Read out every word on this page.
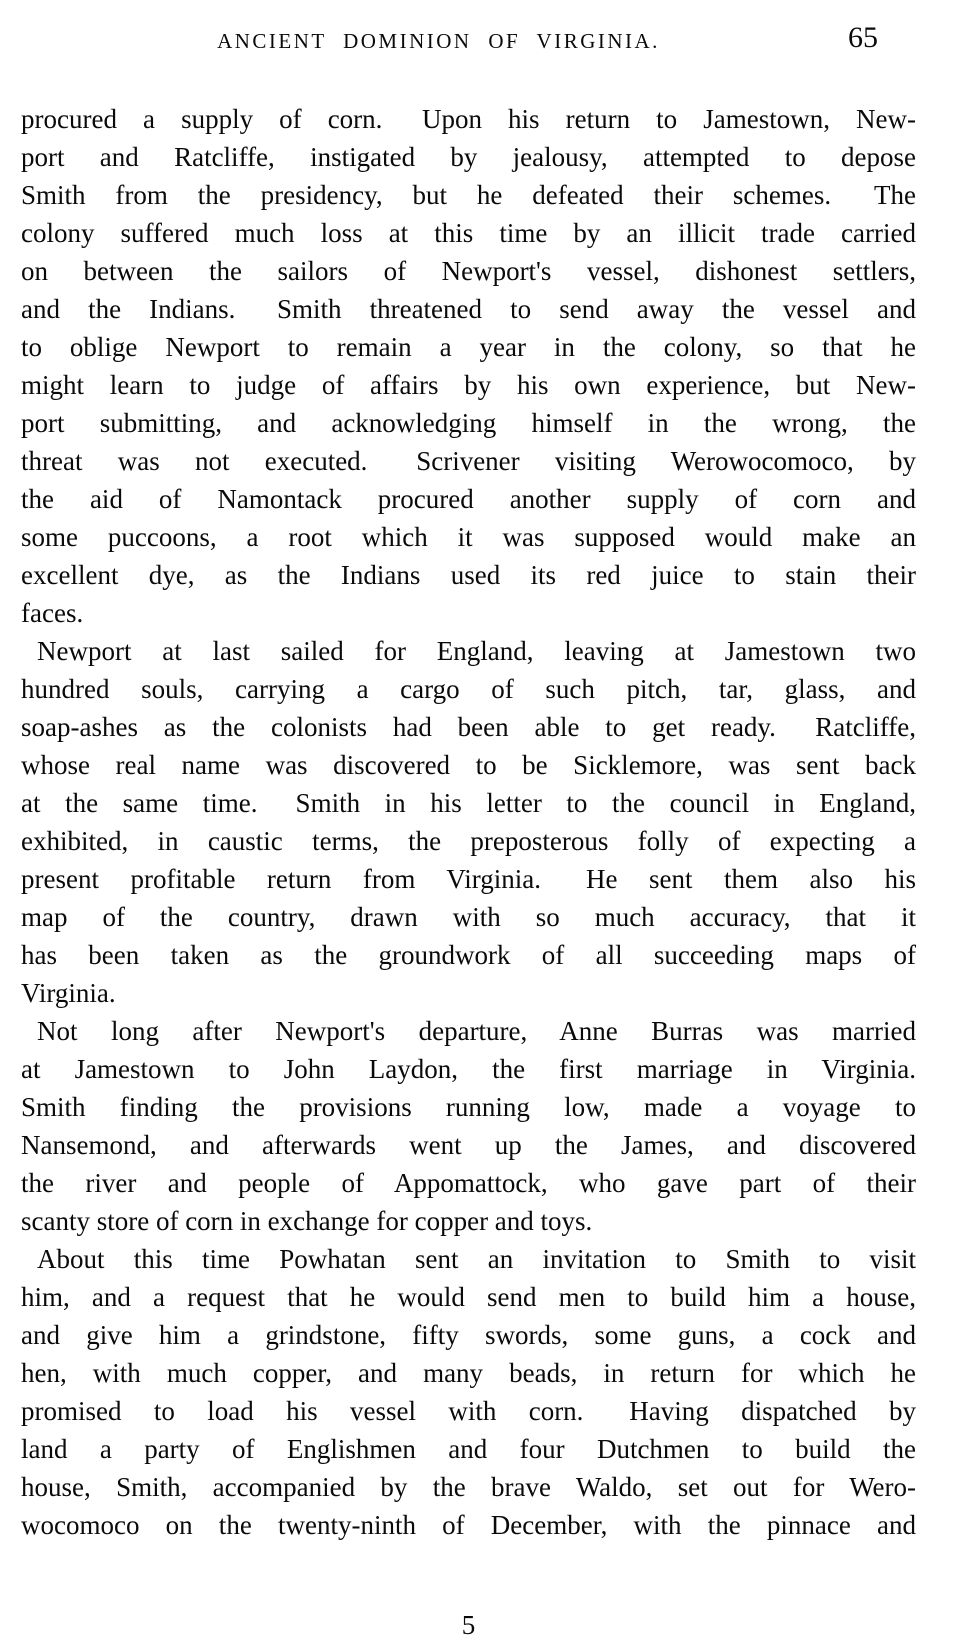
ANCIENT DOMINION OF VIRGINIA.	65
procured a supply of corn.  Upon his return to Jamestown, New-
port and Ratcliffe, instigated by jealousy, attempted to depose
Smith from the presidency, but he defeated their schemes.  The
colony suffered much loss at this time by an illicit trade carried
on between the sailors of Newport's vessel, dishonest settlers,
and the Indians.  Smith threatened to send away the vessel and
to oblige Newport to remain a year in the colony, so that he
might learn to judge of affairs by his own experience, but New-
port submitting, and acknowledging himself in the wrong, the
threat was not executed.  Scrivener visiting Werowocomoco, by
the aid of Namontack procured another supply of corn and
some puccoons, a root which it was supposed would make an
excellent dye, as the Indians used its red juice to stain their
faces.
Newport at last sailed for England, leaving at Jamestown two
hundred souls, carrying a cargo of such pitch, tar, glass, and
soap-ashes as the colonists had been able to get ready.  Ratcliffe,
whose real name was discovered to be Sicklemore, was sent back
at the same time.  Smith in his letter to the council in England,
exhibited, in caustic terms, the preposterous folly of expecting a
present profitable return from Virginia.  He sent them also his
map of the country, drawn with so much accuracy, that it
has been taken as the groundwork of all succeeding maps of
Virginia.
Not long after Newport's departure, Anne Burras was married
at Jamestown to John Laydon, the first marriage in Virginia.
Smith finding the provisions running low, made a voyage to
Nansemond, and afterwards went up the James, and discovered
the river and people of Appomattock, who gave part of their
scanty store of corn in exchange for copper and toys.
About this time Powhatan sent an invitation to Smith to visit
him, and a request that he would send men to build him a house,
and give him a grindstone, fifty swords, some guns, a cock and
hen, with much copper, and many beads, in return for which he
promised to load his vessel with corn.  Having dispatched by
land a party of Englishmen and four Dutchmen to build the
house, Smith, accompanied by the brave Waldo, set out for Wero-
wocomoco on the twenty-ninth of December, with the pinnace and
5
